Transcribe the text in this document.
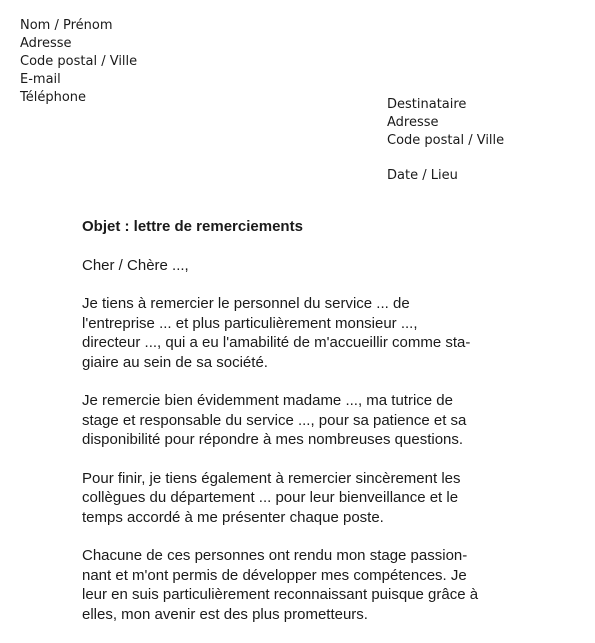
Nom / Prénom
Adresse
Code postal / Ville
E-mail
Téléphone	Destinataire
Adresse
Code postal / Ville
Date / Lieu
Objet : lettre de remerciements
Cher / Chère ...,
Je tiens à remercier le personnel du service ... de
l'entreprise ... et plus particulièrement monsieur ...,
directeur ..., qui a eu l'amabilité de m'accueillir comme sta-
giaire au sein de sa société.
Je remercie bien évidemment madame ..., ma tutrice de
stage et responsable du service ..., pour sa patience et sa
disponibilité pour répondre à mes nombreuses questions.
Pour finir, je tiens également à remercier sincèrement les
collègues du département ... pour leur bienveillance et le
temps accordé à me présenter chaque poste.
Chacune de ces personnes ont rendu mon stage passion-
nant et m'ont permis de développer mes compétences. Je
leur en suis particulièrement reconnaissant puisque grâce à
elles, mon avenir est des plus prometteurs.
